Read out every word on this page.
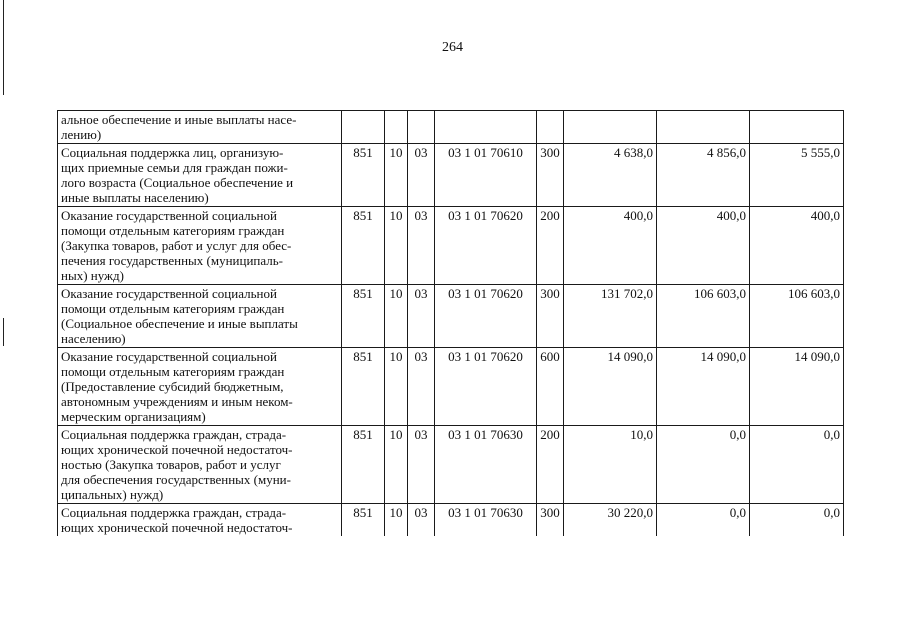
264
альное обеспечение и иные выплаты насе-
лению)								

Социальная поддержка лиц, организую-
щих приемные семьи для граждан пожи-
лого возраста (Социальное обеспечение и
иные выплаты населению)	851	10	03	03 1 01 70610	300	4 638,0	4 856,0	5 555,0

Оказание государственной социальной
помощи отдельным категориям граждан
(Закупка товаров, работ и услуг для обес-
печения государственных (муниципаль-
ных) нужд)	851	10	03	03 1 01 70620	200	400,0	400,0	400,0

Оказание государственной социальной
помощи отдельным категориям граждан
(Социальное обеспечение и иные выплаты
населению)	851	10	03	03 1 01 70620	300	131 702,0	106 603,0	106 603,0

Оказание государственной социальной
помощи отдельным категориям граждан
(Предоставление субсидий бюджетным,
автономным учреждениям и иным неком-
мерческим организациям)	851	10	03	03 1 01 70620	600	14 090,0	14 090,0	14 090,0

Социальная поддержка граждан, страда-
ющих хронической почечной недостаточ-
ностью (Закупка товаров, работ и услуг
для обеспечения государственных (муни-
ципальных) нужд)	851	10	03	03 1 01 70630	200	10,0	0,0	0,0

Социальная поддержка граждан, страда-
ющих хронической почечной недостаточ-	851	10	03	03 1 01 70630	300	30 220,0	0,0	0,0
